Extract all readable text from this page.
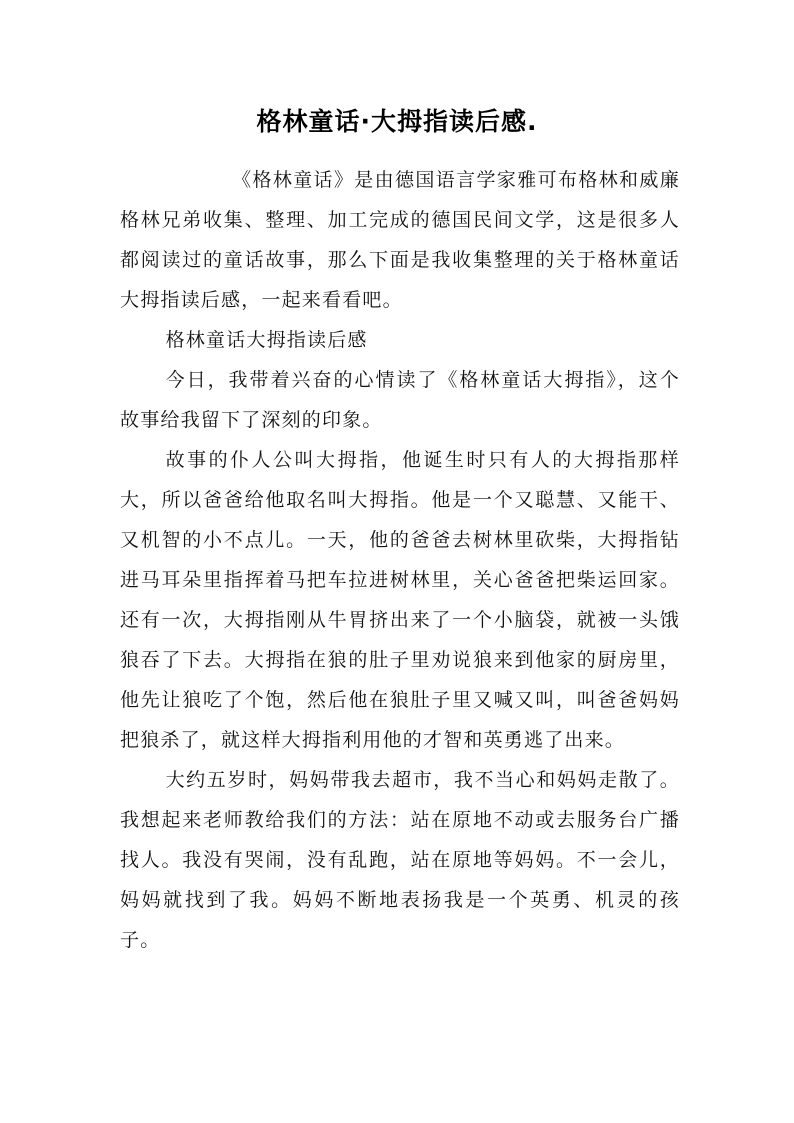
格林童话·大拇指读后感.

《格林童话》是由德国语言学家雅可布格林和威廉格林兄弟收集、整理、加工完成的德国民间文学，这是很多人都阅读过的童话故事，那么下面是我收集整理的关于格林童话大拇指读后感，一起来看看吧。

格林童话大拇指读后感

今日，我带着兴奋的心情读了《格林童话大拇指》，这个故事给我留下了深刻的印象。

故事的仆人公叫大拇指，他诞生时只有人的大拇指那样大，所以爸爸给他取名叫大拇指。他是一个又聪慧、又能干、又机智的小不点儿。一天，他的爸爸去树林里砍柴，大拇指钻进马耳朵里指挥着马把车拉进树林里，关心爸爸把柴运回家。还有一次，大拇指刚从牛胃挤出来了一个小脑袋，就被一头饿狼吞了下去。大拇指在狼的肚子里劝说狼来到他家的厨房里，他先让狼吃了个饱，然后他在狼肚子里又喊又叫，叫爸爸妈妈把狼杀了，就这样大拇指利用他的才智和英勇逃了出来。

大约五岁时，妈妈带我去超市，我不当心和妈妈走散了。我想起来老师教给我们的方法：站在原地不动或去服务台广播找人。我没有哭闹，没有乱跑，站在原地等妈妈。不一会儿，妈妈就找到了我。妈妈不断地表扬我是一个英勇、机灵的孩子。
